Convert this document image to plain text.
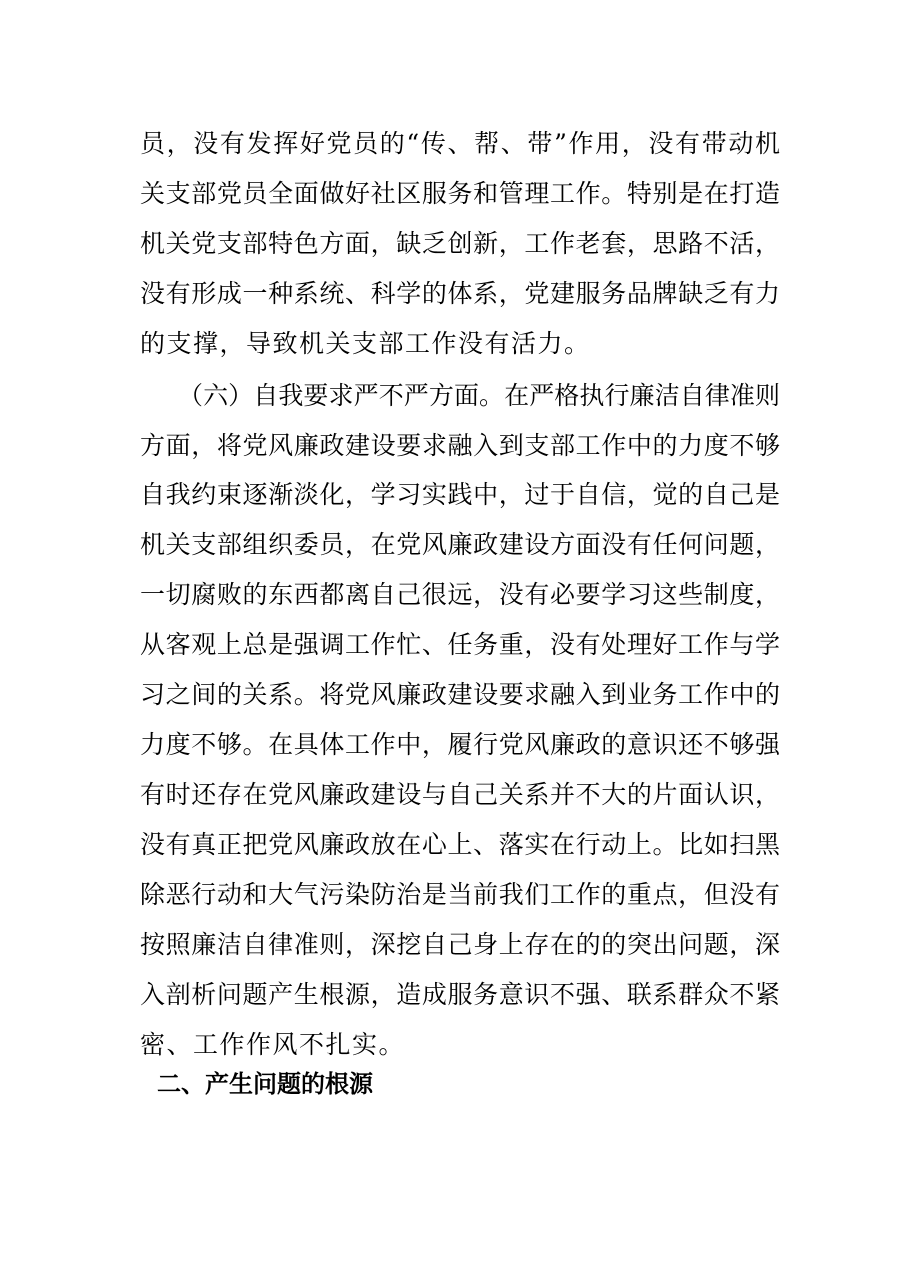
员，没有发挥好党员的“传、帮、带”作用，没有带动机
关支部党员全面做好社区服务和管理工作。特别是在打造
机关党支部特色方面，缺乏创新，工作老套，思路不活，
没有形成一种系统、科学的体系，党建服务品牌缺乏有力
的支撑，导致机关支部工作没有活力。
（六）自我要求严不严方面。在严格执行廉洁自律准则
方面，将党风廉政建设要求融入到支部工作中的力度不够
自我约束逐渐淡化，学习实践中，过于自信，觉的自己是
机关支部组织委员，在党风廉政建设方面没有任何问题，
一切腐败的东西都离自己很远，没有必要学习这些制度，
从客观上总是强调工作忙、任务重，没有处理好工作与学
习之间的关系。将党风廉政建设要求融入到业务工作中的
力度不够。在具体工作中，履行党风廉政的意识还不够强
有时还存在党风廉政建设与自己关系并不大的片面认识，
没有真正把党风廉政放在心上、落实在行动上。比如扫黑
除恶行动和大气污染防治是当前我们工作的重点，但没有
按照廉洁自律准则，深挖自己身上存在的的突出问题，深
入剖析问题产生根源，造成服务意识不强、联系群众不紧
密、工作作风不扎实。
二、产生问题的根源
